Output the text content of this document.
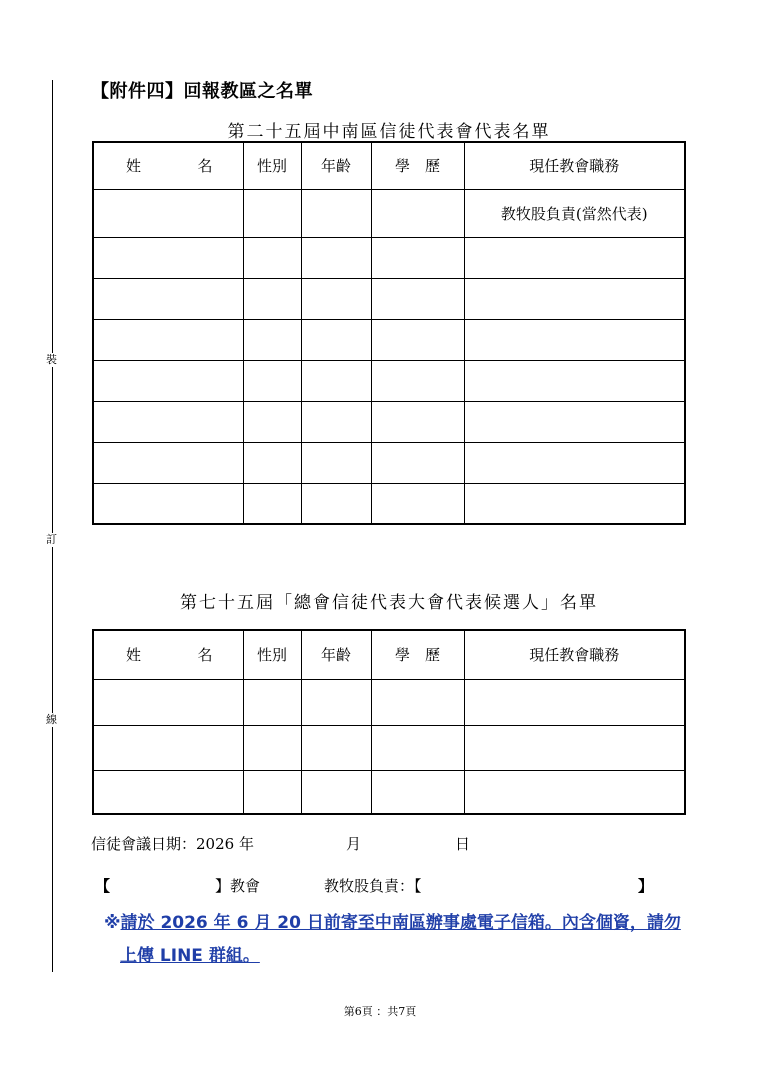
裝
訂
線
【附件四】回報教區之名單
第二十五屆中南區信徒代表會代表名單
姓 名	性別	年齡	學　歷	現任教會職務
				教牧股負責(當然代表)

第七十五屆「總會信徒代表大會代表候選人」名單
姓 名	性別	年齡	學　歷	現任教會職務

信徒會議日期：2026 年	月	日
【	】教會	教牧股負責：【	】
※請於 2026 年 6 月 20 日前寄至中南區辦事處電子信箱。內含個資，請勿
上傳 LINE 群組。
第6頁 ：共7頁
